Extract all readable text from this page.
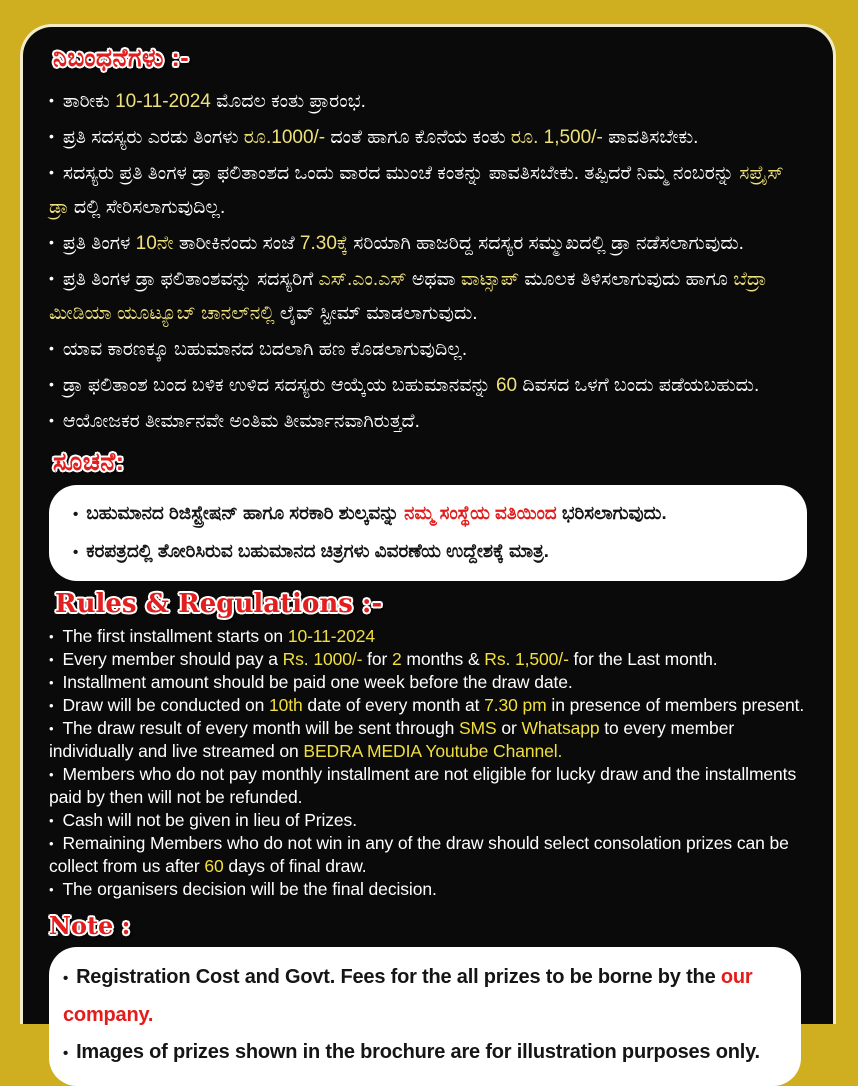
ನಿಬಂಧನೆಗಳು :-
• ತಾರೀಕು 10-11-2024 ಮೊದಲ ಕಂತು ಪ್ರಾರಂಭ.
• ಪ್ರತಿ ಸದಸ್ಯರು ಎರಡು ತಿಂಗಳು ರೂ.1000/- ದಂತೆ ಹಾಗೂ ಕೊನೆಯ ಕಂತು ರೂ. 1,500/- ಪಾವತಿಸಬೇಕು.
• ಸದಸ್ಯರು ಪ್ರತಿ ತಿಂಗಳ ಡ್ರಾ ಫಲಿತಾಂಶದ ಒಂದು ವಾರದ ಮುಂಚೆ ಕಂತನ್ನು ಪಾವತಿಸಬೇಕು. ತಪ್ಪಿದರೆ ನಿಮ್ಮ ನಂಬರನ್ನು ಸಪ್ರೈಸ್ ಡ್ರಾ ದಲ್ಲಿ ಸೇರಿಸಲಾಗುವುದಿಲ್ಲ.
• ಪ್ರತಿ ತಿಂಗಳ 10ನೇ ತಾರೀಕಿನಂದು ಸಂಜೆ 7.30ಕ್ಕೆ ಸರಿಯಾಗಿ ಹಾಜರಿದ್ದ ಸದಸ್ಯರ ಸಮ್ಮುಖದಲ್ಲಿ ಡ್ರಾ ನಡೆಸಲಾಗುವುದು.
• ಪ್ರತಿ ತಿಂಗಳ ಡ್ರಾ ಫಲಿತಾಂಶವನ್ನು ಸದಸ್ಯರಿಗೆ ಎಸ್.ಎಂ.ಎಸ್ ಅಥವಾ ವಾಟ್ಸಾಪ್ ಮೂಲಕ ತಿಳಿಸಲಾಗುವುದು ಹಾಗೂ ಬೆದ್ರಾ ಮೀಡಿಯಾ ಯೂಟ್ಯೂಬ್ ಚಾನಲ್‌ನಲ್ಲಿ ಲೈವ್ ಸ್ಟೀಮ್ ಮಾಡಲಾಗುವುದು.
• ಯಾವ ಕಾರಣಕ್ಕೂ ಬಹುಮಾನದ ಬದಲಾಗಿ ಹಣ ಕೊಡಲಾಗುವುದಿಲ್ಲ.
• ಡ್ರಾ ಫಲಿತಾಂಶ ಬಂದ ಬಳಿಕ ಉಳಿದ ಸದಸ್ಯರು ಆಯ್ಕೆಯ ಬಹುಮಾನವನ್ನು 60 ದಿವಸದ ಒಳಗೆ ಬಂದು ಪಡೆಯಬಹುದು.
• ಆಯೋಜಕರ ತೀರ್ಮಾನವೇ ಅಂತಿಮ ತೀರ್ಮಾನವಾಗಿರುತ್ತದೆ.
ಸೂಚನೆ:
• ಬಹುಮಾನದ ರಿಜಿಸ್ಟ್ರೇಷನ್ ಹಾಗೂ ಸರಕಾರಿ ಶುಲ್ಕವನ್ನು ನಮ್ಮ ಸಂಸ್ಥೆಯ ವತಿಯಿಂದ ಭರಿಸಲಾಗುವುದು.
• ಕರಪತ್ರದಲ್ಲಿ ತೋರಿಸಿರುವ ಬಹುಮಾನದ ಚಿತ್ರಗಳು ವಿವರಣೆಯ ಉದ್ದೇಶಕ್ಕೆ ಮಾತ್ರ.
Rules & Regulations :-
• The first installment starts on 10-11-2024
• Every member should pay a Rs. 1000/- for 2 months & Rs. 1,500/- for the Last month.
• Installment amount should be paid one week before the draw date.
• Draw will be conducted on 10th date of every month at 7.30 pm in presence of members present.
• The draw result of every month will be sent through SMS or Whatsapp to every member individually and live streamed on BEDRA MEDIA Youtube Channel.
• Members who do not pay monthly installment are not eligible for lucky draw and the installments paid by then will not be refunded.
• Cash will not be given in lieu of Prizes.
• Remaining Members who do not win in any of the draw should select consolation prizes can be collect from us after 60 days of final draw.
• The organisers decision will be the final decision.
Note :
• Registration Cost and Govt. Fees for the all prizes to be borne by the our company.
• Images of prizes shown in the brochure are for illustration purposes only.
